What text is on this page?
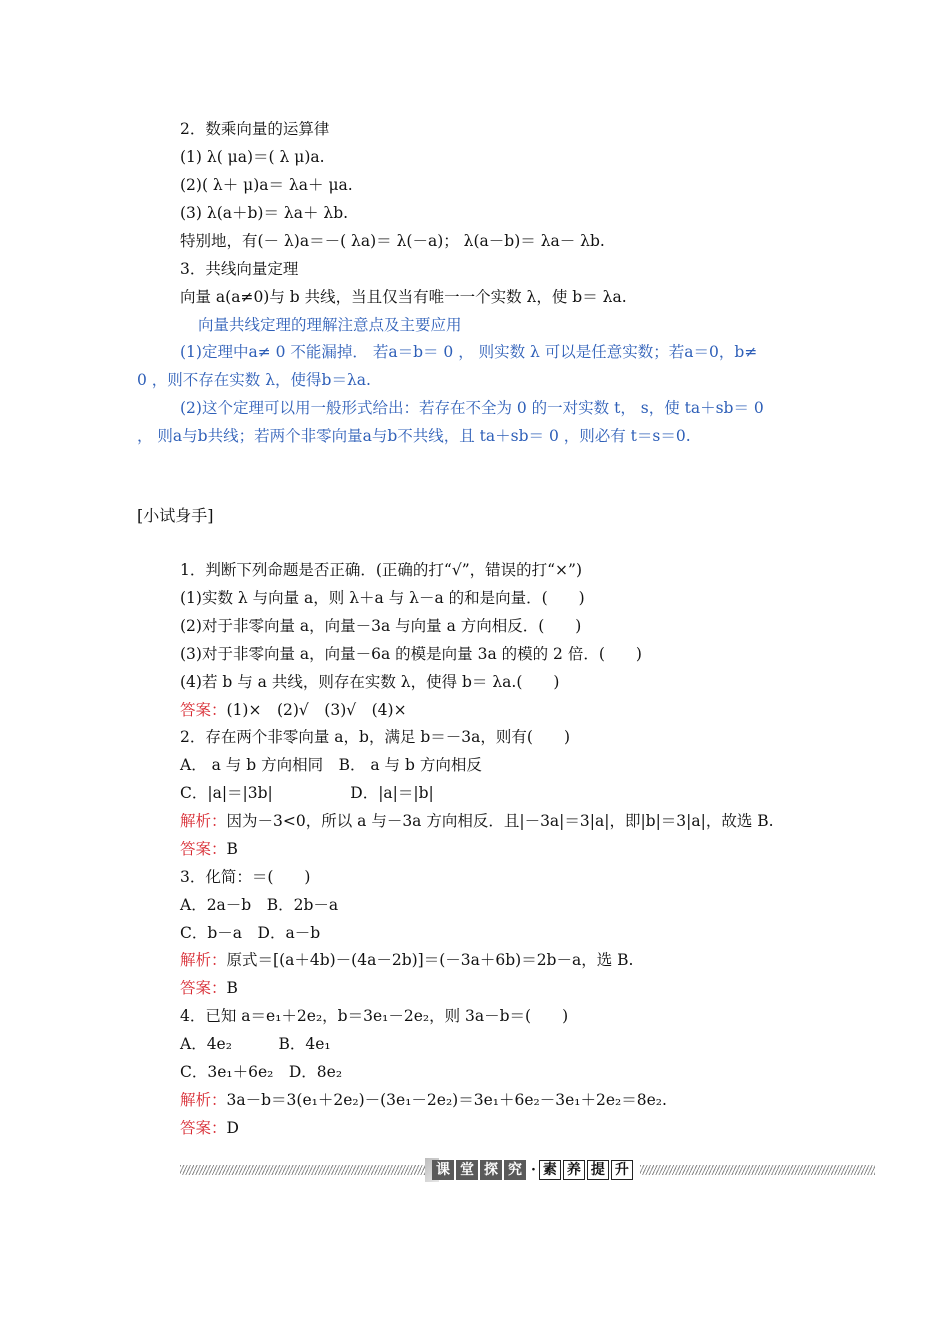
2．数乘向量的运算律
(1) λ( μa)＝( λ μ)a.
(2)( λ＋ μ)a＝ λa＋ μa.
(3) λ(a＋b)＝ λa＋ λb.
特别地，有(－ λ)a＝－( λa)＝ λ(－a)； λ(a－b)＝ λa－ λb.
3．共线向量定理
向量 a(a≠0)与 b 共线，当且仅当有唯一一个实数 λ，使 b＝ λa.
向量共线定理的理解注意点及主要应用
(1)定理中a≠ 0 不能漏掉． 若a＝b＝ 0 ， 则实数 λ 可以是任意实数；若a＝0，b≠
0 ，则不存在实数 λ，使得b＝λa.
(2)这个定理可以用一般形式给出：若存在不全为 0 的一对实数 t， s，使 ta＋sb＝ 0
， 则a与b共线；若两个非零向量a与b不共线，且 ta＋sb＝ 0 ，则必有 t＝s＝0.
[小试身手]
1．判断下列命题是否正确．(正确的打“√”，错误的打“×”)
(1)实数 λ 与向量 a，则 λ＋a 与 λ－a 的和是向量．(　　)
(2)对于非零向量 a，向量－3a 与向量 a 方向相反．(　　)
(3)对于非零向量 a，向量－6a 的模是向量 3a 的模的 2 倍．(　　)
(4)若 b 与 a 共线，则存在实数 λ，使得 b＝ λa.(　　)
答案：(1)×　(2)√　(3)√　(4)×
2．存在两个非零向量 a，b，满足 b＝－3a，则有(　　)
A． a 与 b 方向相同　B． a 与 b 方向相反
C．|a|＝|3b|　　　　　D．|a|＝|b|
解析：因为－3<0，所以 a 与－3a 方向相反．且|－3a|＝3|a|，即|b|＝3|a|，故选 B.
答案：B
3．化简：＝(　　)
A．2a－b　B．2b－a
C．b－a　D．a－b
解析：原式＝[(a＋4b)－(4a－2b)]＝(－3a＋6b)＝2b－a，选 B.
答案：B
4．已知 a＝e₁＋2e₂，b＝3e₁－2e₂，则 3a－b＝(　　)
A．4e₂　　　B．4e₁
C．3e₁＋6e₂　D．8e₂
解析：3a－b＝3(e₁＋2e₂)－(3e₁－2e₂)＝3e₁＋6e₂－3e₁＋2e₂＝8e₂.
答案：D
课 堂 探 究 · 素 养 提 升
